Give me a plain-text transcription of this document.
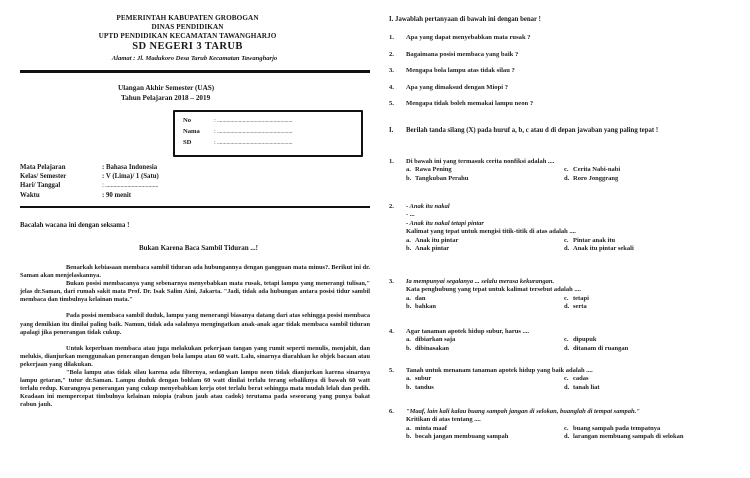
PEMERINTAH KABUPATEN GROBOGAN
DINAS PENDIDIKAN
UPTD PENDIDIKAN KECAMATAN TAWANGHARJO
SD NEGERI 3 TARUB
Alamat : Jl. Madukoro Desa Tarub Kecamatan Tawangharjo
Ulangan Akhir Semester (UAS)
Tahun Pelajaran 2018 – 2019
No	: ........................................................
Nama	: ........................................................
SD	: ........................................................
Mata Pelajaran	: Bahasa Indonesia
Kelas/ Semester	: V (Lima)/ 1 (Satu)
Hari/ Tanggal	: ......................................
Waktu	: 90 menit
Bacalah wacana ini dengan seksama !
Bukan Karena Baca Sambil Tiduran ...!

Benarkah kebiasaan membaca sambil tiduran ada hubungannya dengan gangguan mata minus?. Berikut ini dr. Saman akan menjelaskannya.

Bukan posisi membacanya yang sebenarnya menyebabkan mata rusak, tetapi lampu yang menerangi tulisan," jelas dr.Saman, dari rumah sakit mata Prof. Dr. Isak Salim Aini, Jakarta. "Jadi, tidak ada hubungan antara posisi tidur sambil membaca dan timbulnya kelainan mata."

Pada posisi membaca sambil duduk, lampu yang menerangi biasanya datang dari atas sehingga posisi membaca yang demikian itu dinilai paling baik. Namun, tidak ada salahnya mengingatkan anak-anak agar tidak membaca sambil tiduran apalagi jika penerangan tidak cukup.

Untuk keperluan membaca atau juga melakukan pekerjaan tangan yang rumit seperti menulis, menjahit, dan melukis, dianjurkan menggunakan penerangan dengan bola lampu atau 60 watt. Lalu, sinarnya diarahkan ke objek bacaan atau pekerjaan yang dilakukan.

"Bola lampu atas tidak silau karena ada filternya, sedangkan lampu neon tidak dianjurkan karena sinarnya lampu getaran," tutur dr.Saman. Lampu duduk dengan bohlam 60 watt dinilai terlalu terang sebaliknya di bawah 60 watt terlalu redup. Kurangnya penerangan yang cukup menyebabkan kerja otot terlalu berat sehingga mata mudah lelah dan pedih. Keadaan ini mempercepat timbulnya kelainan miopia (rabun jauh atau cadok) terutama pada seseorang yang punya bakat rabun jauh.

I. Jawablah pertanyaan di bawah ini dengan benar !
1.	Apa yang dapat menyebabkan mata rusak ?
2.	Bagaimana posisi membaca yang baik ?
3.	Mengapa bola lampu atas tidak silau ?
4.	Apa yang dimaksud dengan Miopi ?
5.	Mengapa tidak boleh memakai lampu neon ?
I.	Berilah tanda silang (X) pada huruf a, b, c atau d di depan jawaban yang paling tepat !
1.	Di bawah ini yang termasuk cerita nonfiksi adalah ....
a. Rawa Pening	c. Cerita Nabi-nabi
b. Tangkuban Perahu	d. Roro Jonggrang
2.	- Anak itu nakal
- ...
- Anak itu nakal tetapi pintar
Kalimat yang tepat untuk mengisi titik-titik di atas adalah ....
a. Anak itu pintar	c. Pintar anak itu
b. Anak pintar	d. Anak itu pintar sekali
3.	Ia mempunyai segalanya ... selalu merasa kekurangan.
Kata penghubung yang tepat untuk kalimat tersebut adalah ....
a. dan	c. tetapi
b. bahkan	d. serta
4.	Agar tanaman apotek hidup subur, harus ....
a. dibiarkan saja	c. dipupuk
b. dibinasakan	d. ditanam di ruangan
5.	Tanah untuk menanam tanaman apotek hidup yang baik adalah ....
a. subur	c. cadas
b. tandus	d. tanah liat
6.	"Maaf, lain kali kalau buang sampah jangan di selokan, buanglah di tempat sampah."
Kritikan di atas tentang ....
a. minta maaf	c. buang sampah pada tempatnya
b. bocah jangan membuang sampah	d. larangan membuang sampah di selokan
